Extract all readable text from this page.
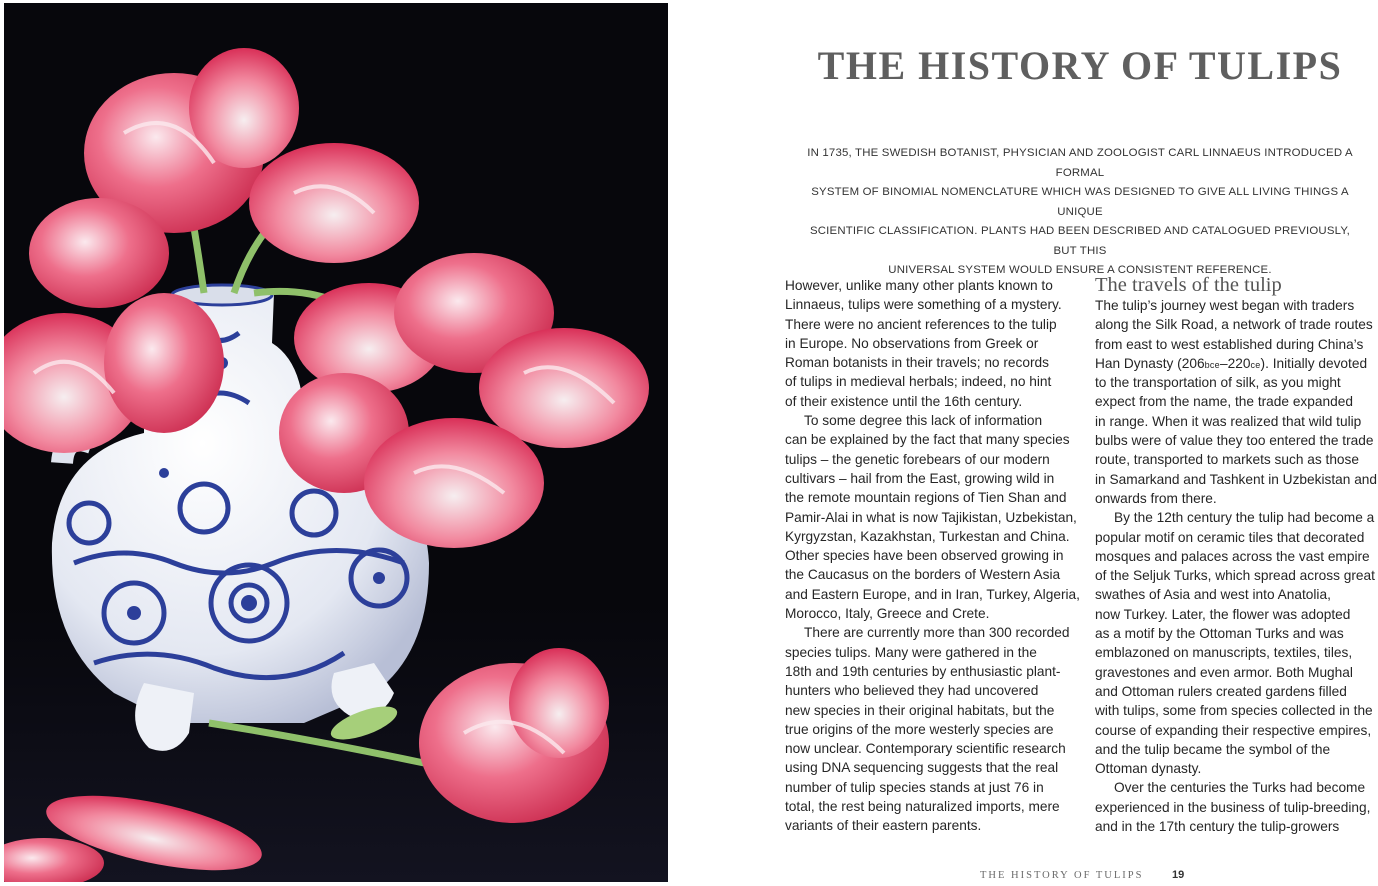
THE HISTORY OF TULIPS
IN 1735, THE SWEDISH BOTANIST, PHYSICIAN AND ZOOLOGIST CARL LINNAEUS INTRODUCED A FORMAL
SYSTEM OF BINOMIAL NOMENCLATURE WHICH WAS DESIGNED TO GIVE ALL LIVING THINGS A UNIQUE
SCIENTIFIC CLASSIFICATION. PLANTS HAD BEEN DESCRIBED AND CATALOGUED PREVIOUSLY, BUT THIS
UNIVERSAL SYSTEM WOULD ENSURE A CONSISTENT REFERENCE.
However, unlike many other plants known to
Linnaeus, tulips were something of a mystery.
There were no ancient references to the tulip
in Europe. No observations from Greek or
Roman botanists in their travels; no records
of tulips in medieval herbals; indeed, no hint
of their existence until the 16th century.
To some degree this lack of information
can be explained by the fact that many species
tulips – the genetic forebears of our modern
cultivars – hail from the East, growing wild in
the remote mountain regions of Tien Shan and
Pamir-Alai in what is now Tajikistan, Uzbekistan,
Kyrgyzstan, Kazakhstan, Turkestan and China.
Other species have been observed growing in
the Caucasus on the borders of Western Asia
and Eastern Europe, and in Iran, Turkey, Algeria,
Morocco, Italy, Greece and Crete.
There are currently more than 300 recorded
species tulips. Many were gathered in the
18th and 19th centuries by enthusiastic plant-
hunters who believed they had uncovered
new species in their original habitats, but the
true origins of the more westerly species are
now unclear. Contemporary scientific research
using DNA sequencing suggests that the real
number of tulip species stands at just 76 in
total, the rest being naturalized imports, mere
variants of their eastern parents.
The travels of the tulip
The tulip’s journey west began with traders
along the Silk Road, a network of trade routes
from east to west established during China’s
Han Dynasty (206bce–220ce). Initially devoted
to the transportation of silk, as you might
expect from the name, the trade expanded
in range. When it was realized that wild tulip
bulbs were of value they too entered the trade
route, transported to markets such as those
in Samarkand and Tashkent in Uzbekistan and
onwards from there.
By the 12th century the tulip had become a
popular motif on ceramic tiles that decorated
mosques and palaces across the vast empire
of the Seljuk Turks, which spread across great
swathes of Asia and west into Anatolia,
now Turkey. Later, the flower was adopted
as a motif by the Ottoman Turks and was
emblazoned on manuscripts, textiles, tiles,
gravestones and even armor. Both Mughal
and Ottoman rulers created gardens filled
with tulips, some from species collected in the
course of expanding their respective empires,
and the tulip became the symbol of the
Ottoman dynasty.
Over the centuries the Turks had become
experienced in the business of tulip-breeding,
and in the 17th century the tulip-growers
THE HISTORY OF TULIPS	19
